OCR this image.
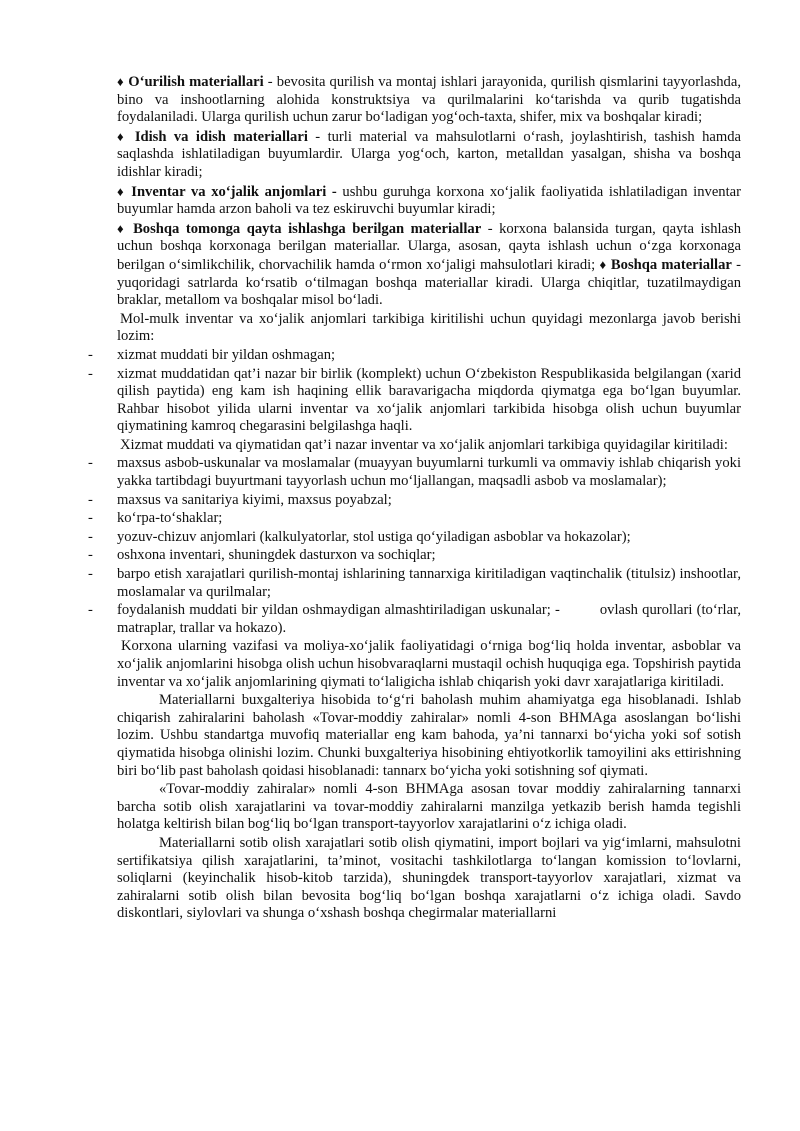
♦ O‘urilish materiallari - bevosita qurilish va montaj ishlari jarayonida, qurilish qismlarini tayyorlashda, bino va inshootlarning alohida konstruktsiya va qurilmalarini ko‘tarishda va qurib tugatishda foydalaniladi. Ularga qurilish uchun zarur bo‘ladigan yog‘och-taxta, shifer, mix va boshqalar kiradi;

♦ Idish va idish materiallari - turli material va mahsulotlarni o‘rash, joylashtirish, tashish hamda saqlashda ishlatiladigan buyumlardir. Ularga yog‘och, karton, metalldan yasalgan, shisha va boshqa idishlar kiradi;

♦ Inventar va xo‘jalik anjomlari - ushbu guruhga korxona xo‘jalik faoliyatida ishlatiladigan inventar buyumlar hamda arzon baholi va tez eskiruvchi buyumlar kiradi;

♦ Boshqa tomonga qayta ishlashga berilgan materiallar - korxona balansida turgan, qayta ishlash uchun boshqa korxonaga berilgan materiallar. Ularga, asosan, qayta ishlash uchun o‘zga korxonaga berilgan o‘simlikchilik, chorvachilik hamda o‘rmon xo‘jaligi mahsulotlari kiradi; ♦ Boshqa materiallar - yuqoridagi satrlarda ko‘rsatib o‘tilmagan boshqa materiallar kiradi. Ularga chiqitlar, tuzatilmaydigan braklar, metallom va boshqalar misol bo‘ladi.

Mol-mulk inventar va xo‘jalik anjomlari tarkibiga kiritilishi uchun quyidagi mezonlarga javob berishi lozim:

- xizmat muddati bir yildan oshmagan;
- xizmat muddatidan qat’i nazar bir birlik (komplekt) uchun O‘zbekiston Respublikasida belgilangan (xarid qilish paytida) eng kam ish haqining ellik baravarigacha miqdorda qiymatga ega bo‘lgan buyumlar. Rahbar hisobot yilida ularni inventar va xo‘jalik anjomlari tarkibida hisobga olish uchun buyumlar qiymatining kamroq chegarasini belgilashga haqli.

Xizmat muddati va qiymatidan qat’i nazar inventar va xo‘jalik anjomlari tarkibiga quyidagilar kiritiladi:

- maxsus asbob-uskunalar va moslamalar (muayyan buyumlarni turkumli va ommaviy ishlab chiqarish yoki yakka tartibdagi buyurtmani tayyorlash uchun mo‘ljallangan, maqsadli asbob va moslamalar);
- maxsus va sanitariya kiyimi, maxsus poyabzal;
- ko‘rpa-to‘shaklar;
- yozuv-chizuv anjomlari (kalkulyatorlar, stol ustiga qo‘yiladigan asboblar va hokazolar);
- oshxona inventari, shuningdek dasturxon va sochiqlar;
- barpo etish xarajatlari qurilish-montaj ishlarining tannarxiga kiritiladigan vaqtinchalik (titulsiz) inshootlar, moslamalar va qurilmalar;
- foydalanish muddati bir yildan oshmaydigan almashtiriladigan uskunalar; -	ovlash qurollari (to‘rlar, matraplar, trallar va hokazo).

Korxona ularning vazifasi va moliya-xo‘jalik faoliyatidagi o‘rniga bog‘liq holda inventar, asboblar va xo‘jalik anjomlarini hisobga olish uchun hisobvaraqlarni mustaqil ochish huquqiga ega. Topshirish paytida inventar va xo‘jalik anjomlarining qiymati to‘laligicha ishlab chiqarish yoki davr xarajatlariga kiritiladi.

Materiallarni buxgalteriya hisobida to‘g‘ri baholash muhim ahamiyatga ega hisoblanadi. Ishlab chiqarish zahiralarini baholash «Tovar-moddiy zahiralar» nomli 4-son BHMAga asoslangan bo‘lishi lozim. Ushbu standartga muvofiq materiallar eng kam bahoda, ya’ni tannarxi bo‘yicha yoki sof sotish qiymatida hisobga olinishi lozim. Chunki buxgalteriya hisobining ehtiyotkorlik tamoyilini aks ettirishning biri bo‘lib past baholash qoidasi hisoblanadi: tannarx bo‘yicha yoki sotishning sof qiymati.

«Tovar-moddiy zahiralar» nomli 4-son BHMAga asosan tovar moddiy zahiralarning tannarxi barcha sotib olish xarajatlarini va tovar-moddiy zahiralarni manzilga yetkazib berish hamda tegishli holatga keltirish bilan bog‘liq bo‘lgan transport-tayyorlov xarajatlarini o‘z ichiga oladi.

Materiallarni sotib olish xarajatlari sotib olish qiymatini, import bojlari va yig‘imlarni, mahsulotni sertifikatsiya qilish xarajatlarini, ta’minot, vositachi tashkilotlarga to‘langan komission to‘lovlarni, soliqlarni (keyinchalik hisob-kitob tarzida), shuningdek transport-tayyorlov xarajatlari, xizmat va zahiralarni sotib olish bilan bevosita bog‘liq bo‘lgan boshqa xarajatlarni o‘z ichiga oladi. Savdo diskontlari, siylovlari va shunga o‘xshash boshqa chegirmalar materiallarni
